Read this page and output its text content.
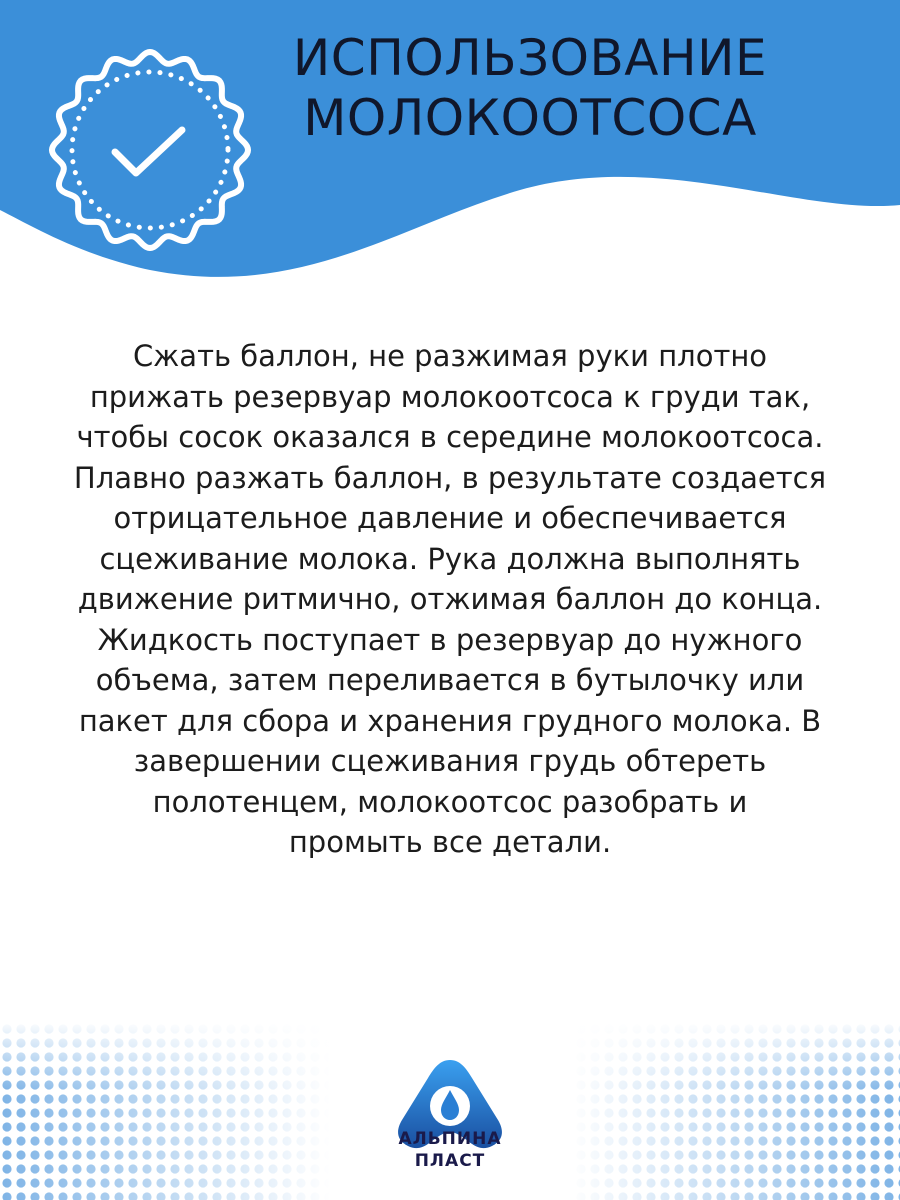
ИСПОЛЬЗОВАНИЕ
МОЛОКООТСОСА
Сжать баллон, не разжимая руки плотно
прижать резервуар молокоотсоса к груди так,
чтобы сосок оказался в середине молокоотсоса.
Плавно разжать баллон, в результате создается
отрицательное давление и обеспечивается
сцеживание молока. Рука должна выполнять
движение ритмично, отжимая баллон до конца.
Жидкость поступает в резервуар до нужного
объема, затем переливается в бутылочку или
пакет для сбора и хранения грудного молока. В
завершении сцеживания грудь обтереть
полотенцем, молокоотсос разобрать и
промыть все детали.
АЛЬПИНА
ПЛАСТ
